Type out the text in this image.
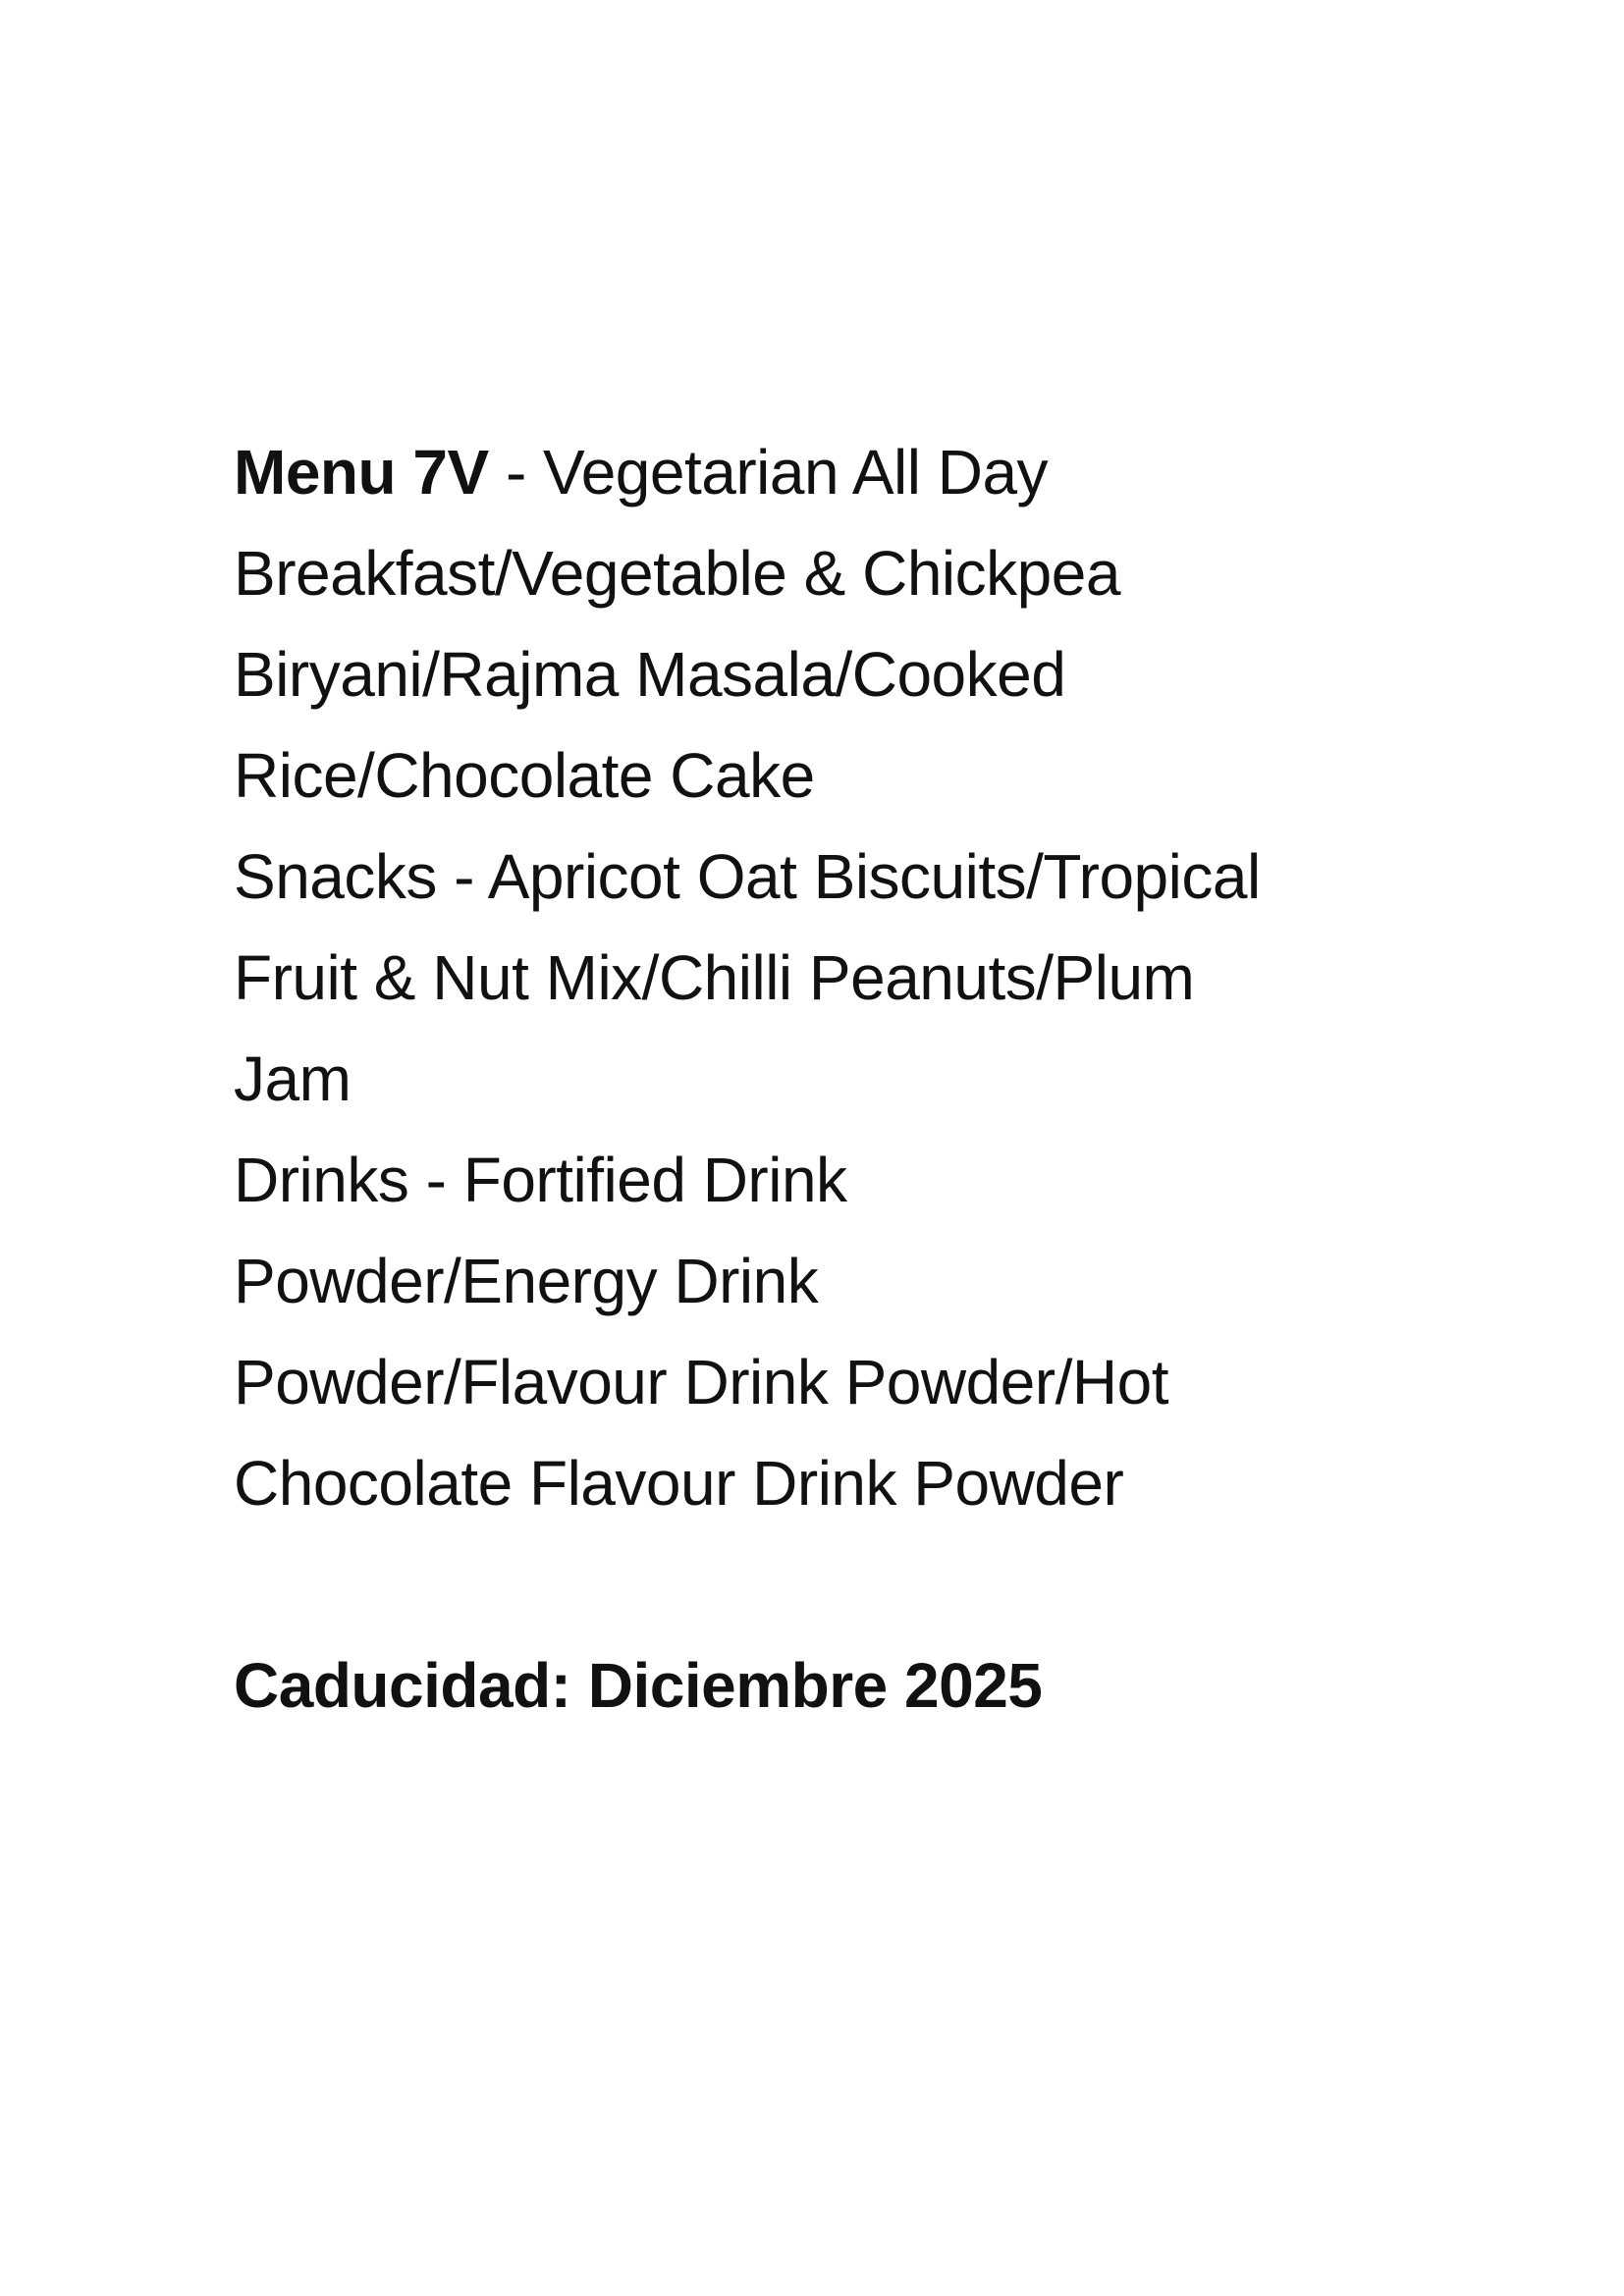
Menu 7V - Vegetarian All Day
Breakfast/Vegetable & Chickpea
Biryani/Rajma Masala/Cooked
Rice/Chocolate Cake
Snacks - Apricot Oat Biscuits/Tropical
Fruit & Nut Mix/Chilli Peanuts/Plum
Jam
Drinks - Fortified Drink
Powder/Energy Drink
Powder/Flavour Drink Powder/Hot
Chocolate Flavour Drink Powder
Caducidad: Diciembre 2025
